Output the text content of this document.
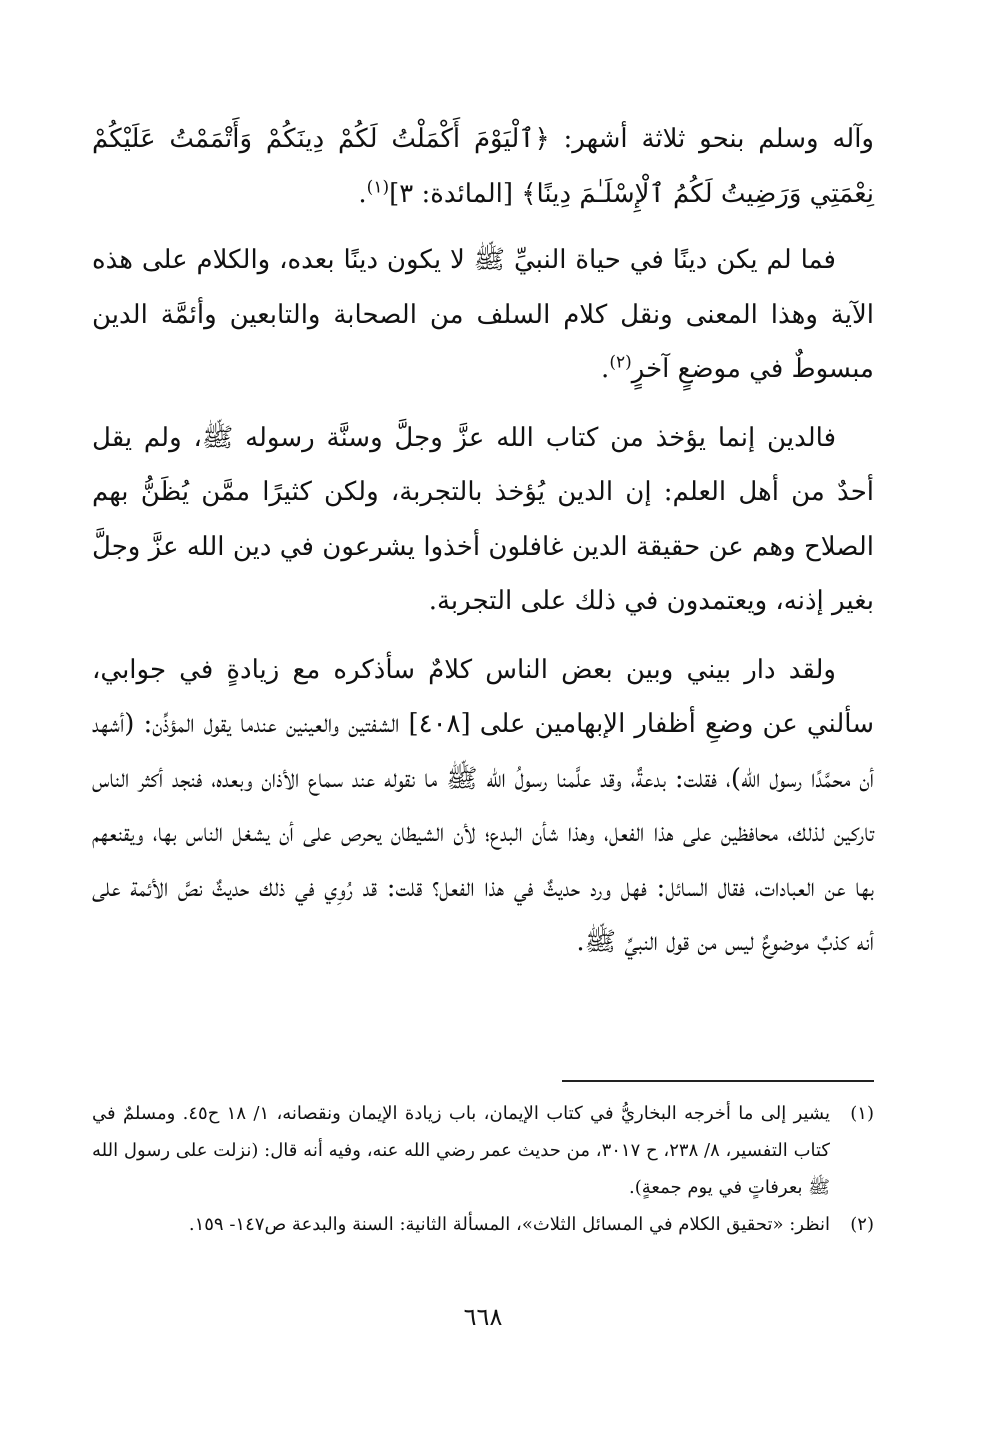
وآله وسلم بنحو ثلاثة أشهر: ﴿ٱلْيَوْمَ أَكْمَلْتُ لَكُمْ دِينَكُمْ وَأَتْمَمْتُ عَلَيْكُمْ نِعْمَتِي وَرَضِيتُ لَكُمُ ٱلْإِسْلَـٰمَ دِينًا﴾ [المائدة: ٣]$^{(١)}$.

فما لم يكن دينًا في حياة النبيِّ ﷺ لا يكون دينًا بعده، والكلام على هذه الآية وهذا المعنى ونقل كلام السلف من الصحابة والتابعين وأئمَّة الدين مبسوطٌ في موضعٍ آخرٍ$^{(٢)}$.

فالدين إنما يؤخذ من كتاب الله عزَّ وجلَّ وسنَّة رسوله ﷺ، ولم يقل أحدٌ من أهل العلم: إن الدين يُؤخذ بالتجربة، ولكن كثيرًا ممَّن يُظَنُّ بهم الصلاح وهم عن حقيقة الدين غافلون أخذوا يشرعون في دين الله عزَّ وجلَّ بغير إذنه، ويعتمدون في ذلك على التجربة.

ولقد دار بيني وبين بعض الناس كلامٌ سأذكره مع زيادةٍ في جوابي، سألني عن وضعِ أظفار الإبهامين على [٤٠٨] الشفتين والعينين عندما يقول المؤذِّن: (أشهد أن محمَّدًا رسول الله)، فقلت: بدعةٌ، وقد علَّمنا رسولُ الله ﷺ ما نقوله عند سماع الأذان وبعده، فنجد أكثر الناس تاركين لذلك، محافظين على هذا الفعل، وهذا شأن البدع؛ لأن الشيطان يحرص على أن يشغل الناس بها، ويقنعهم بها عن العبادات، فقال السائل: فهل ورد حديثٌ في هذا الفعل؟ قلت: قد رُوِي في ذلك حديثٌ نصَّ الأئمة على أنه كذبٌ موضوعٌ ليس من قول النبيِّ ﷺ.

(١)
يشير إلى ما أخرجه البخاريُّ في كتاب الإيمان، باب زيادة الإيمان ونقصانه، ١/ ١٨ ح٤٥. ومسلمٌ في كتاب التفسير، ٨/ ٢٣٨، ح ٣٠١٧، من حديث عمر رضي الله عنه، وفيه أنه قال: (نزلت على رسول الله ﷺ بعرفاتٍ في يوم جمعةٍ).
(٢)
انظر: «تحقيق الكلام في المسائل الثلاث»، المسألة الثانية: السنة والبدعة ص١٤٧- ١٥٩.
٦٦٨
